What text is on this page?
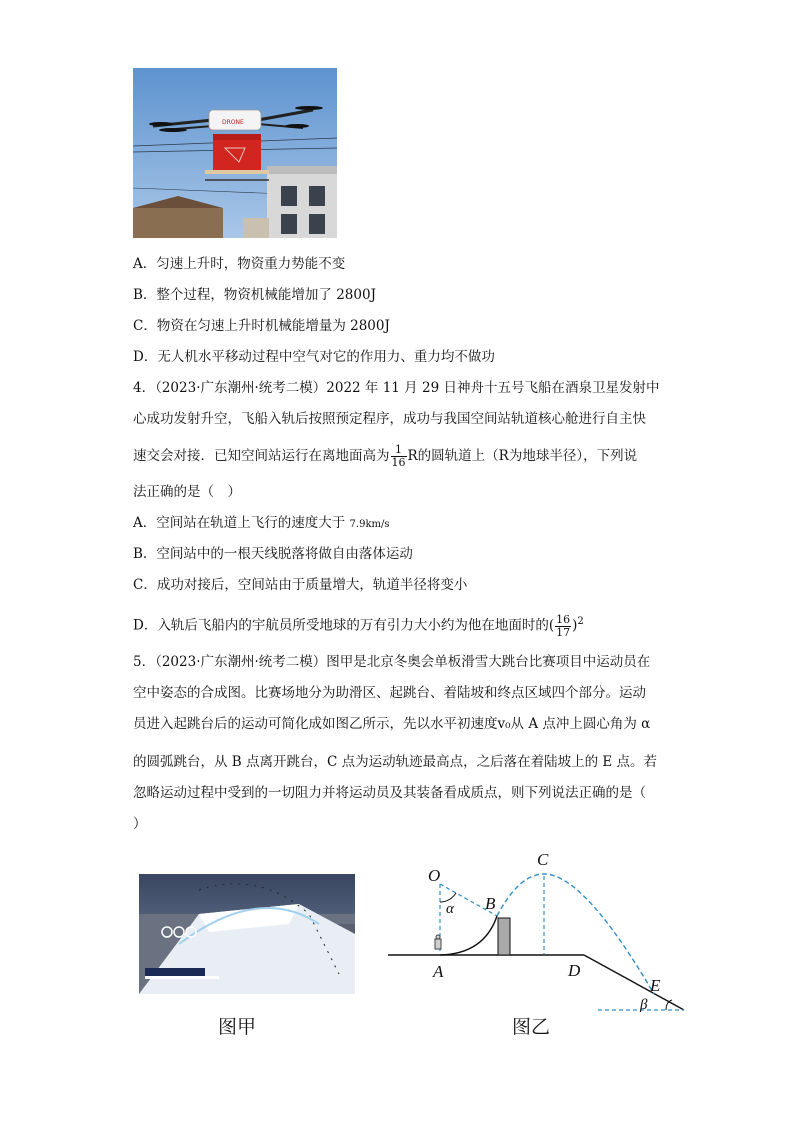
DRONE
A．匀速上升时，物资重力势能不变
B．整个过程，物资机械能增加了 2800J
C．物资在匀速上升时机械能增量为 2800J
D．无人机水平移动过程中空气对它的作用力、重力均不做功
4．（2023·广东潮州·统考二模）2022 年 11 月 29 日神舟十五号飞船在酒泉卫星发射中
心成功发射升空，飞船入轨后按照预定程序，成功与我国空间站轨道核心舱进行自主快
速交会对接．已知空间站运行在离地面高为 $\frac{1}{16}$ R的圆轨道上（R为地球半径），下列说
法正确的是（　）
A．空间站在轨道上飞行的速度大于 7.9km/s
B．空间站中的一根天线脱落将做自由落体运动
C．成功对接后，空间站由于质量增大，轨道半径将变小
D．入轨后飞船内的宇航员所受地球的万有引力大小约为他在地面时的( $\frac{16}{17} )^2$
5．（2023·广东潮州·统考二模）图甲是北京冬奥会单板滑雪大跳台比赛项目中运动员在
空中姿态的合成图。比赛场地分为助滑区、起跳台、着陆坡和终点区域四个部分。运动
员进入起跳台后的运动可简化成如图乙所示，先以水平初速度v₀从 A 点冲上圆心角为 α
的圆弧跳台，从 B 点离开跳台，C 点为运动轨迹最高点，之后落在着陆坡上的 E 点。若
忽略运动过程中受到的一切阻力并将运动员及其装备看成质点，则下列说法正确的是（
）
图甲
O
α B
C
A	D
E
β
图乙
